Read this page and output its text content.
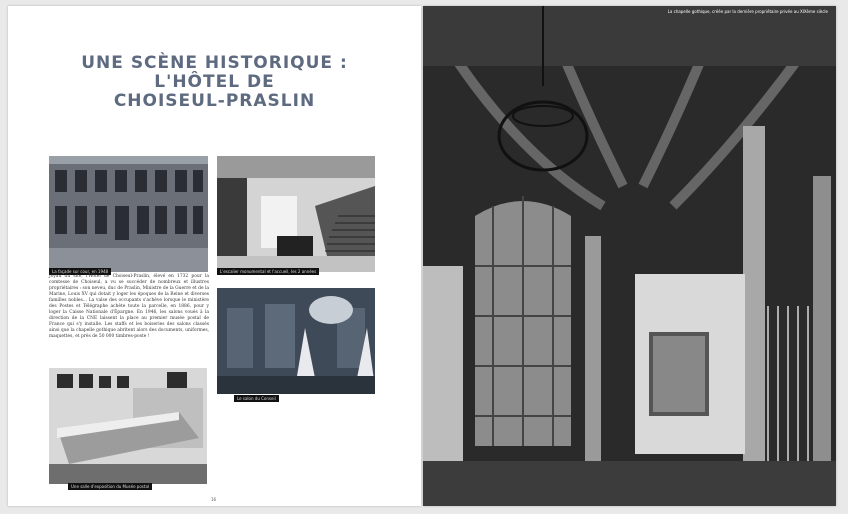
UNE SCÈNE HISTORIQUE :
L'HÔTEL DE
CHOISEUL-PRASLIN
La façade sur cour, en 1948	L'escalier monumental et l'accueil, les 2 années
Joyau du site, l'Hôtel de Choiseul-Praslin, élevé en 1732 pour la comtesse de Choiseul, a vu se succéder de nombreux et illustres propriétaires : son neveu, duc de Praslin, Ministre de la Guerre et de la Marine, Louis XV qui dotait y loger les époques de la Reine et diverses familles nobles... La valse des occupants s'achève lorsque le ministère des Postes et Télégraphe achète toute la parcelle, en 1886, pour y loger la Caisse Nationale d'Épargne. En 1946, les salons voués à la direction de la CNE laissent la place au premier musée postal de France qui s'y installe. Les staffs et les boiseries des salons classés ainsi que la chapelle gothique abritent alors des documents, uniformes, maquettes, et près de 50 000 timbres-poste !
Le salon du Conseil
Une salle d'exposition du Musée postal
16
La chapelle gothique, créée par la dernière propriétaire privée au XIXème siècle
